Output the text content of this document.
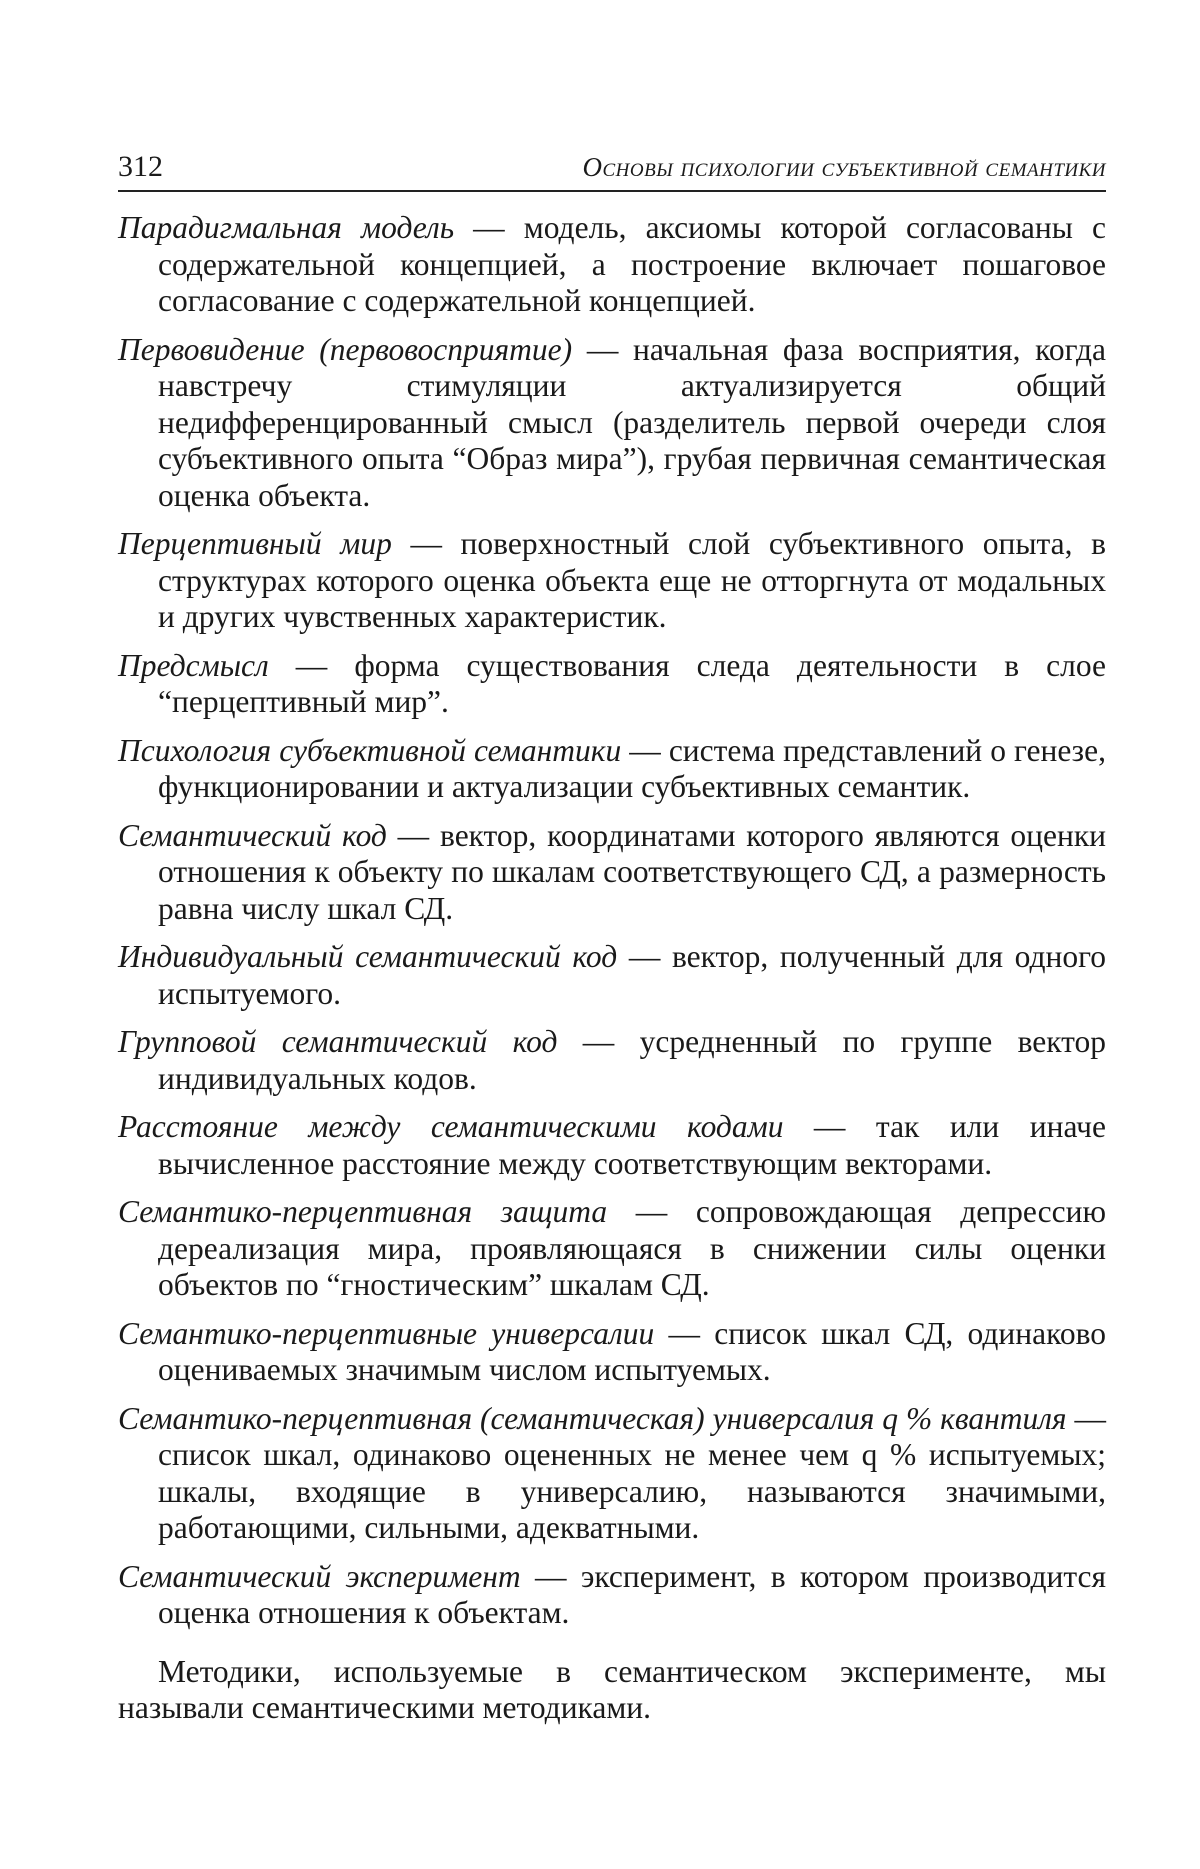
312	Основы психологии субъективной семантики

Парадигмальная модель — модель, аксиомы которой согласованы с содержательной концепцией, а построение включает пошаговое согласование с содержательной концепцией.

Первовидение (первовосприятие) — начальная фаза восприятия, когда навстречу стимуляции актуализируется общий недифференцированный смысл (разделитель первой очереди слоя субъективного опыта “Образ мира”), грубая первичная семантическая оценка объекта.

Перцептивный мир — поверхностный слой субъективного опыта, в структурах которого оценка объекта еще не отторгнута от модальных и других чувственных характеристик.

Предсмысл — форма существования следа деятельности в слое “перцептивный мир”.

Психология субъективной семантики — система представлений о генезе, функционировании и актуализации субъективных семантик.

Семантический код — вектор, координатами которого являются оценки отношения к объекту по шкалам соответствующего СД, а размерность равна числу шкал СД.

Индивидуальный семантический код — вектор, полученный для одного испытуемого.

Групповой семантический код — усредненный по группе вектор индивидуальных кодов.

Расстояние между семантическими кодами — так или иначе вычисленное расстояние между соответствующим векторами.

Семантико-перцептивная защита — сопровождающая депрессию дереализация мира, проявляющаяся в снижении силы оценки объектов по “гностическим” шкалам СД.

Семантико-перцептивные универсалии — список шкал СД, одинаково оцениваемых значимым числом испытуемых.

Семантико-перцептивная (семантическая) универсалия q % квантиля — список шкал, одинаково оцененных не менее чем q % испытуемых; шкалы, входящие в универсалию, называются значимыми, работающими, сильными, адекватными.

Семантический эксперимент — эксперимент, в котором производится оценка отношения к объектам.

Методики, используемые в семантическом эксперименте, мы называли семантическими методиками.
